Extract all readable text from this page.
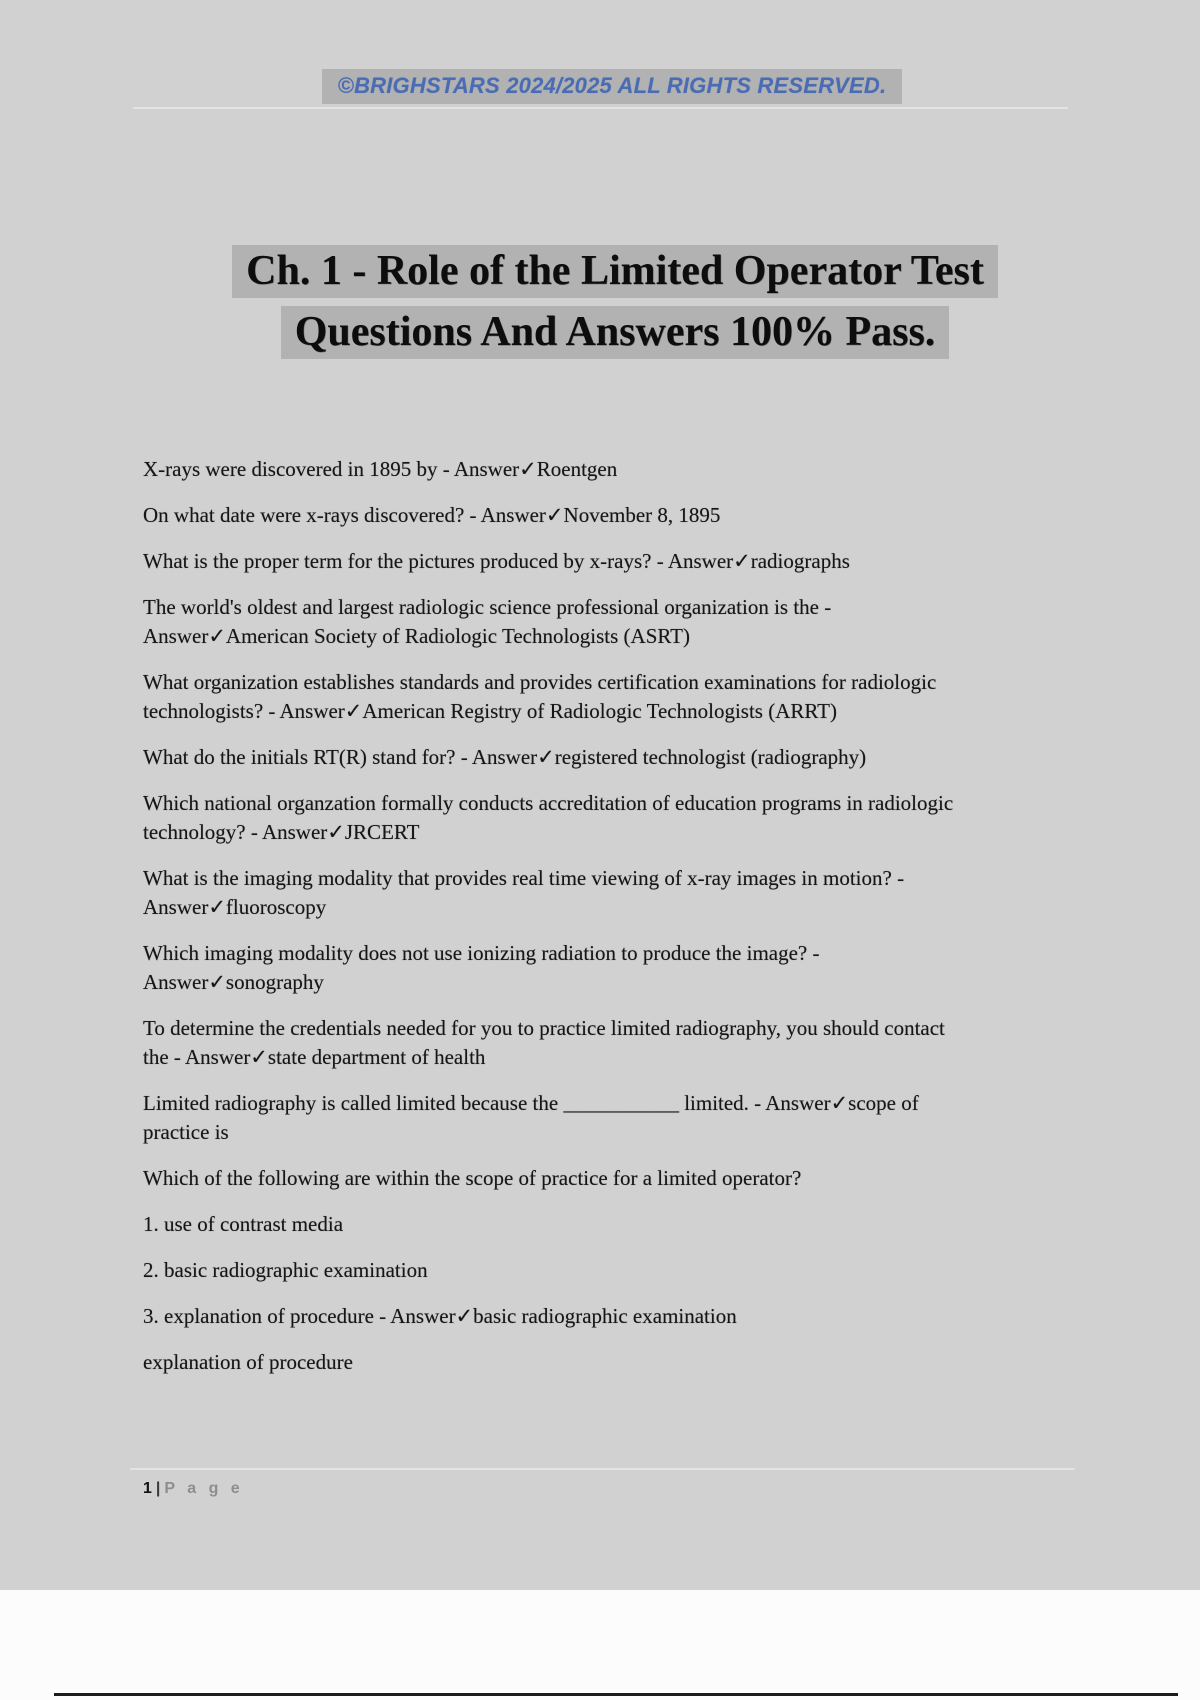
©BRIGHSTARS 2024/2025 ALL RIGHTS RESERVED.
Ch. 1 - Role of the Limited Operator Test
Questions And Answers 100% Pass.

X-rays were discovered in 1895 by - Answer✓Roentgen

On what date were x-rays discovered? - Answer✓November 8, 1895

What is the proper term for the pictures produced by x-rays? - Answer✓radiographs

The world's oldest and largest radiologic science professional organization is the -
Answer✓American Society of Radiologic Technologists (ASRT)

What organization establishes standards and provides certification examinations for radiologic
technologists? - Answer✓American Registry of Radiologic Technologists (ARRT)

What do the initials RT(R) stand for? - Answer✓registered technologist (radiography)

Which national organzation formally conducts accreditation of education programs in radiologic
technology? - Answer✓JRCERT

What is the imaging modality that provides real time viewing of x-ray images in motion? -
Answer✓fluoroscopy

Which imaging modality does not use ionizing radiation to produce the image? -
Answer✓sonography

To determine the credentials needed for you to practice limited radiography, you should contact
the - Answer✓state department of health

Limited radiography is called limited because the ___________ limited. - Answer✓scope of
practice is

Which of the following are within the scope of practice for a limited operator?

1. use of contrast media

2. basic radiographic examination

3. explanation of procedure - Answer✓basic radiographic examination

explanation of procedure

1 | P a g e
